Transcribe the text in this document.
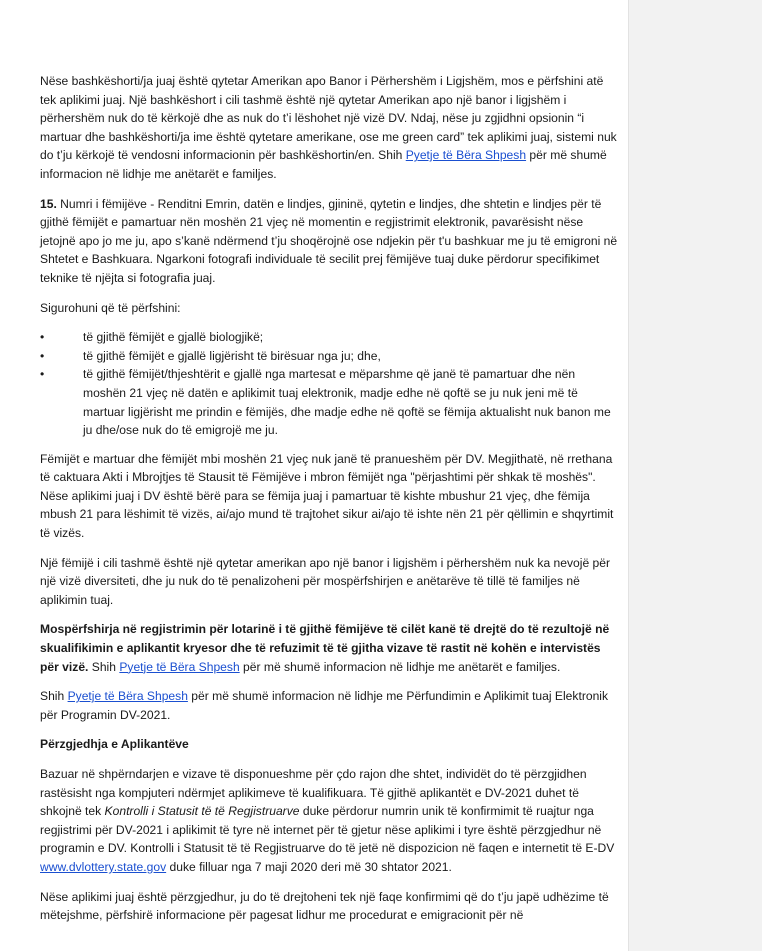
Nëse bashkëshorti/ja juaj është qytetar Amerikan apo Banor i Përhershëm i Ligjshëm, mos e përfshini atë tek aplikimi juaj. Një bashkëshort i cili tashmë është një qytetar Amerikan apo një banor i ligjshëm i përhershëm nuk do të kërkojë dhe as nuk do t’i lëshohet një vizë DV. Ndaj, nëse ju zgjidhni opsionin “i martuar dhe bashkëshorti/ja ime është qytetare amerikane, ose me green card” tek aplikimi juaj, sistemi nuk do t’ju kërkojë të vendosni informacionin për bashkëshortin/en. Shih Pyetje të Bëra Shpesh për më shumë informacion në lidhje me anëtarët e familjes.

15. Numri i fëmijëve - Renditni Emrin, datën e lindjes, gjininë, qytetin e lindjes, dhe shtetin e lindjes për të gjithë fëmijët e pamartuar nën moshën 21 vjeç në momentin e regjistrimit elektronik, pavarësisht nëse jetojnë apo jo me ju, apo s’kanë ndërmend t’ju shoqërojnë ose ndjekin për t'u bashkuar me ju të emigroni në Shtetet e Bashkuara. Ngarkoni fotografi individuale të secilit prej fëmijëve tuaj duke përdorur specifikimet teknike të njëjta si fotografia juaj.

Sigurohuni që të përfshini:

•	të gjithë fëmijët e gjallë biologjikë;
•	të gjithë fëmijët e gjallë ligjërisht të birësuar nga ju; dhe,
•	të gjithë fëmijët/thjeshtërit e gjallë nga martesat e mëparshme që janë të pamartuar dhe nën moshën 21 vjeç në datën e aplikimit tuaj elektronik, madje edhe në qoftë se ju nuk jeni më të martuar ligjërisht me prindin e fëmijës, dhe madje edhe në qoftë se fëmija aktualisht nuk banon me ju dhe/ose nuk do të emigrojë me ju.

Fëmijët e martuar dhe fëmijët mbi moshën 21 vjeç nuk janë të pranueshëm për DV. Megjithatë, në rrethana të caktuara Akti i Mbrojtjes të Stausit të Fëmijëve i mbron fëmijët nga "përjashtimi për shkak të moshës". Nëse aplikimi juaj i DV është bërë para se fëmija juaj i pamartuar të kishte mbushur 21 vjeç, dhe fëmija mbush 21 para lëshimit të vizës, ai/ajo mund të trajtohet sikur ai/ajo të ishte nën 21 për qëllimin e shqyrtimit të vizës.

Një fëmijë i cili tashmë është një qytetar amerikan apo një banor i ligjshëm i përhershëm nuk ka nevojë për një vizë diversiteti, dhe ju nuk do të penalizoheni për mospërfshirjen e anëtarëve të tillë të familjes në aplikimin tuaj.

Mospërfshirja në regjistrimin për lotarinë i të gjithë fëmijëve të cilët kanë të drejtë do të rezultojë në skualifikimin e aplikantit kryesor dhe të refuzimit të të gjitha vizave të rastit në kohën e intervistës për vizë. Shih Pyetje të Bëra Shpesh për më shumë informacion në lidhje me anëtarët e familjes.

Shih Pyetje të Bëra Shpesh për më shumë informacion në lidhje me Përfundimin e Aplikimit tuaj Elektronik për Programin DV-2021.

Përzgjedhja e Aplikantëve

Bazuar në shpërndarjen e vizave të disponueshme për çdo rajon dhe shtet, individët do të përzgjidhen rastësisht nga kompjuteri ndërmjet aplikimeve të kualifikuara. Të gjithë aplikantët e DV-2021 duhet të shkojnë tek Kontrolli i Statusit të të Regjistruarve duke përdorur numrin unik të konfirmimit të ruajtur nga regjistrimi për DV-2021 i aplikimit të tyre në internet për të gjetur nëse aplikimi i tyre është përzgjedhur në programin e DV. Kontrolli i Statusit të të Regjistruarve do të jetë në dispozicion në faqen e internetit të E-DV www.dvlottery.state.gov duke filluar nga 7 maji 2020 deri më 30 shtator 2021.

Nëse aplikimi juaj është përzgjedhur, ju do të drejtoheni tek një faqe konfirmimi që do t’ju japë udhëzime të mëtejshme, përfshirë informacione për pagesat lidhur me procedurat e emigracionit për në
